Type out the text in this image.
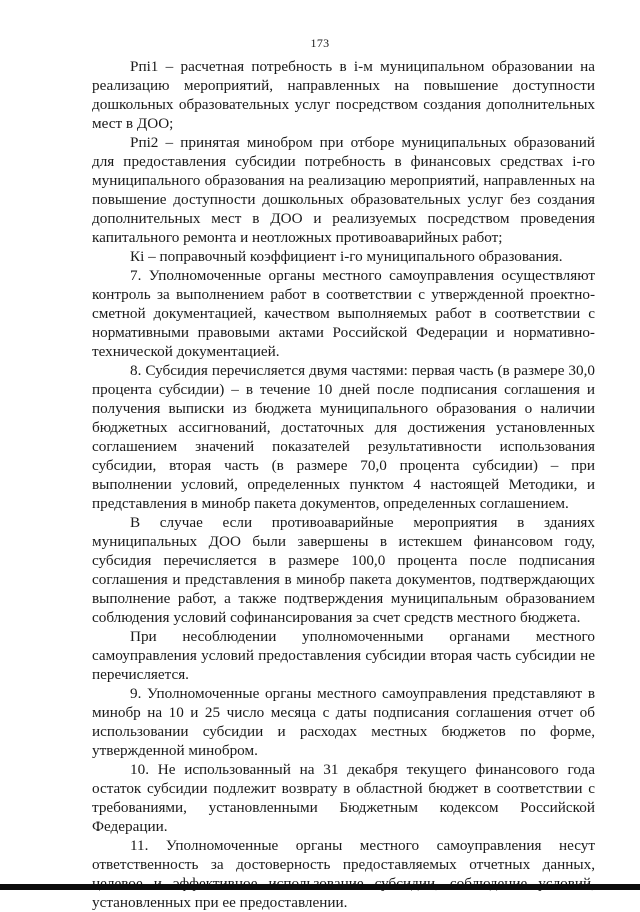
173

Рпi1 – расчетная потребность в i-м муниципальном образовании на реализацию мероприятий, направленных на повышение доступности дошкольных образовательных услуг посредством создания дополнительных мест в ДОО;

Рпi2 – принятая минобром при отборе муниципальных образований для предоставления субсидии потребность в финансовых средствах i-го муниципального образования на реализацию мероприятий, направленных на повышение доступности дошкольных образовательных услуг без создания дополнительных мест в ДОО и реализуемых посредством проведения капитального ремонта и неотложных противоаварийных работ;

Кi – поправочный коэффициент i-го муниципального образования.

7. Уполномоченные органы местного самоуправления осуществляют контроль за выполнением работ в соответствии с утвержденной проектно-сметной документацией, качеством выполняемых работ в соответствии с нормативными правовыми актами Российской Федерации и нормативно-технической документацией.

8. Субсидия перечисляется двумя частями: первая часть (в размере 30,0 процента субсидии) – в течение 10 дней после подписания соглашения и получения выписки из бюджета муниципального образования о наличии бюджетных ассигнований, достаточных для достижения установленных соглашением значений показателей результативности использования субсидии, вторая часть (в размере 70,0 процента субсидии) – при выполнении условий, определенных пунктом 4 настоящей Методики, и представления в минобр пакета документов, определенных соглашением.

В случае если противоаварийные мероприятия в зданиях муниципальных ДОО были завершены в истекшем финансовом году, субсидия перечисляется в размере 100,0 процента после подписания соглашения и представления в минобр пакета документов, подтверждающих выполнение работ, а также подтверждения муниципальным образованием соблюдения условий софинансирования за счет средств местного бюджета.

При несоблюдении уполномоченными органами местного самоуправления условий предоставления субсидии вторая часть субсидии не перечисляется.

9. Уполномоченные органы местного самоуправления представляют в минобр на 10 и 25 число месяца с даты подписания соглашения отчет об использовании субсидии и расходах местных бюджетов по форме, утвержденной минобром.

10. Не использованный на 31 декабря текущего финансового года остаток субсидии подлежит возврату в областной бюджет в соответствии с требованиями, установленными Бюджетным кодексом Российской Федерации.

11. Уполномоченные органы местного самоуправления несут ответственность за достоверность предоставляемых отчетных данных, установленных при ее предоставлении.
